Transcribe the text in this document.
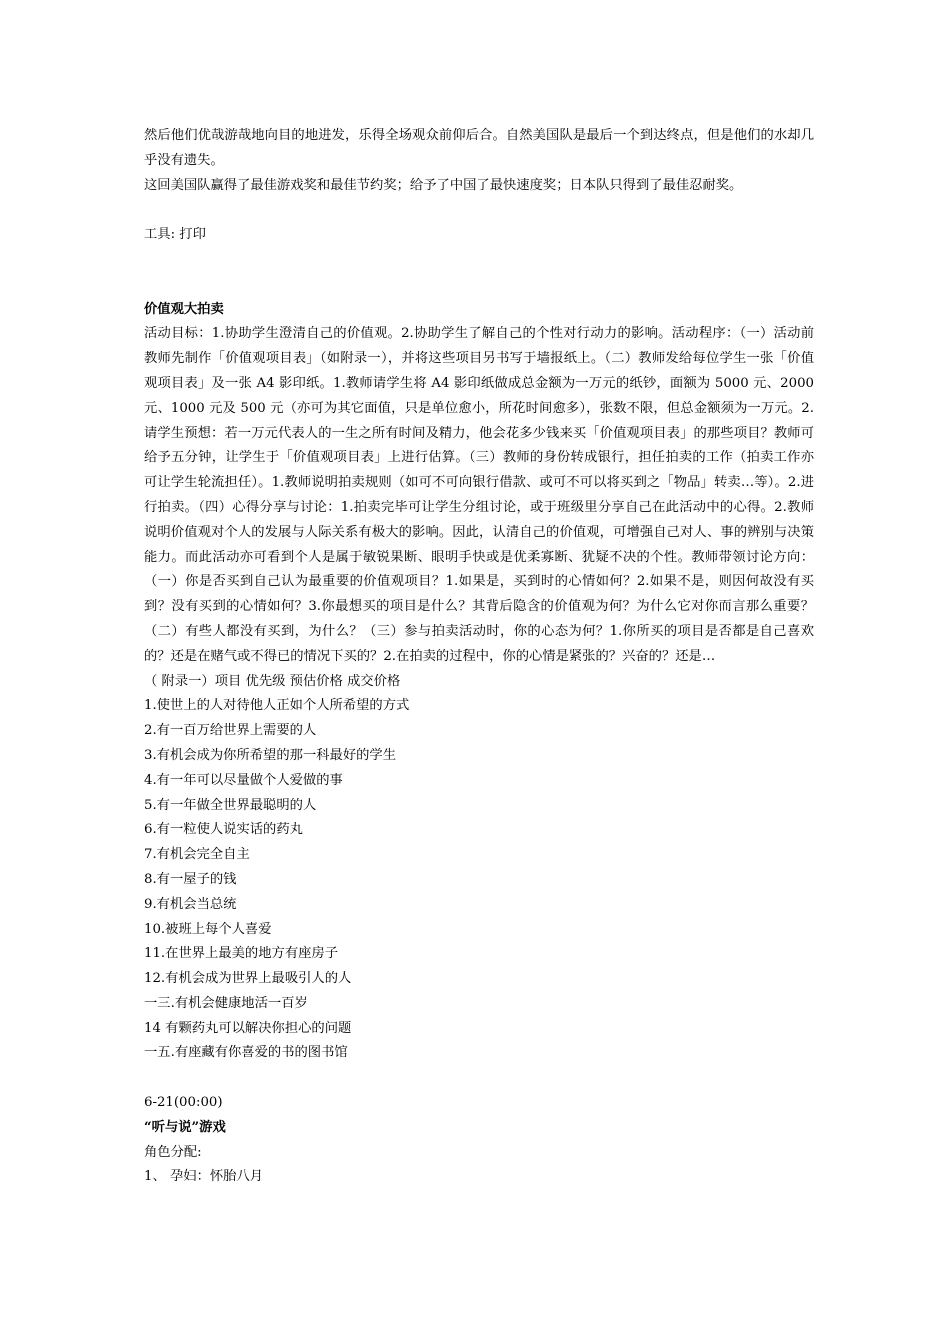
然后他们优哉游哉地向目的地进发，乐得全场观众前仰后合。自然美国队是最后一个到达终点，但是他们的水却几乎没有遗失。

这回美国队赢得了最佳游戏奖和最佳节约奖；给予了中国了最快速度奖；日本队只得到了最佳忍耐奖。

工具: 打印

价值观大拍卖

活动目标：1.协助学生澄清自己的价值观。2.协助学生了解自己的个性对行动力的影响。活动程序：（一）活动前教师先制作「价值观项目表」（如附录一），并将这些项目另书写于墙报纸上。（二）教师发给每位学生一张「价值观项目表」及一张 A4 影印纸。1.教师请学生将 A4 影印纸做成总金额为一万元的纸钞，面额为 5000 元、2000 元、1000 元及 500 元（亦可为其它面值，只是单位愈小，所花时间愈多），张数不限，但总金额须为一万元。2.请学生预想：若一万元代表人的一生之所有时间及精力，他会花多少钱来买「价值观项目表」的那些项目？教师可给予五分钟，让学生于「价值观项目表」上进行估算。（三）教师的身份转成银行，担任拍卖的工作（拍卖工作亦可让学生轮流担任）。1.教师说明拍卖规则（如可不可向银行借款、或可不可以将买到之「物品」转卖…等）。2.进行拍卖。（四）心得分享与讨论：1.拍卖完毕可让学生分组讨论，或于班级里分享自己在此活动中的心得。2.教师说明价值观对个人的发展与人际关系有极大的影响。因此，认清自己的价值观，可增强自己对人、事的辨别与决策能力。而此活动亦可看到个人是属于敏锐果断、眼明手快或是优柔寡断、犹疑不决的个性。教师带领讨论方向：（一）你是否买到自己认为最重要的价值观项目？1.如果是，买到时的心情如何？2.如果不是，则因何故没有买到？没有买到的心情如何？3.你最想买的项目是什么？其背后隐含的价值观为何？为什么它对你而言那么重要？（二）有些人都没有买到，为什么？（三）参与拍卖活动时，你的心态为何？1.你所买的项目是否都是自己喜欢的？还是在赌气或不得已的情况下买的？2.在拍卖的过程中，你的心情是紧张的？兴奋的？还是…

（ 附录一）项目 优先级 预估价格 成交价格

1.使世上的人对待他人正如个人所希望的方式

2.有一百万给世界上需要的人

3.有机会成为你所希望的那一科最好的学生

4.有一年可以尽量做个人爱做的事

5.有一年做全世界最聪明的人

6.有一粒使人说实话的药丸

7.有机会完全自主

8.有一屋子的钱

9.有机会当总统

10.被班上每个人喜爱

11.在世界上最美的地方有座房子

12.有机会成为世界上最吸引人的人

一三.有机会健康地活一百岁

14 有颗药丸可以解决你担心的问题

一五.有座藏有你喜爱的书的图书馆

6-21(00:00)

“听与说”游戏

角色分配:

1、 孕妇：怀胎八月
